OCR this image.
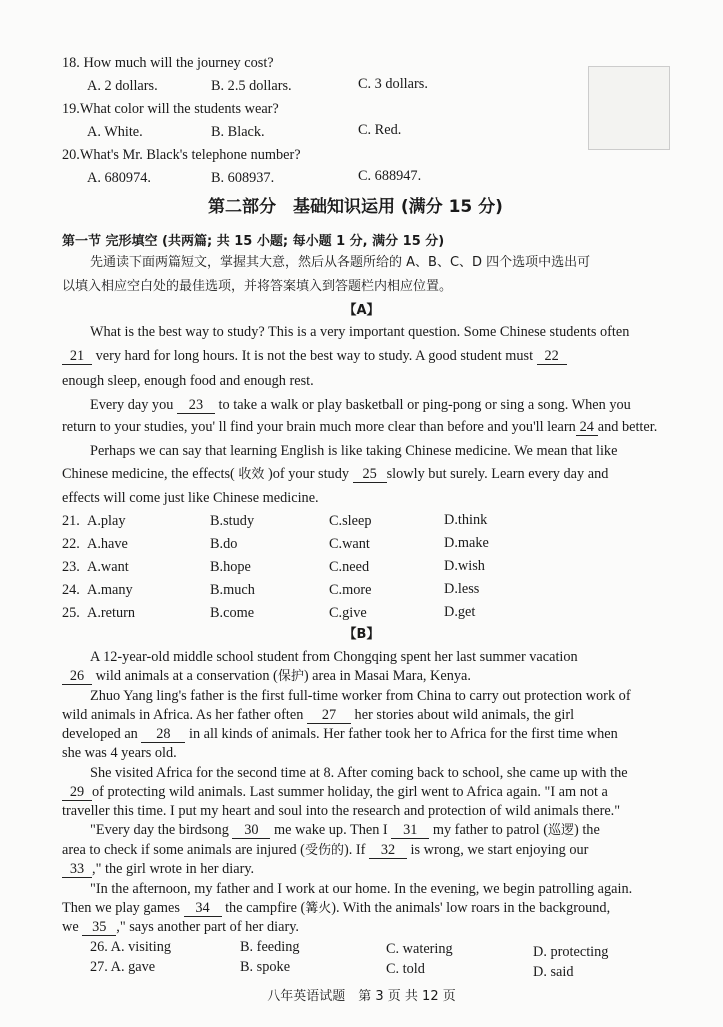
18. How much will the journey cost?
A. 2 dollars.	B. 2.5 dollars.	C. 3 dollars.
19.What color will the students wear?
A. White.	B. Black.	C. Red.
20.What's Mr. Black's telephone number?
A. 680974.	B. 608937.	C. 688947.
第二部分　基础知识运用 (满分 15 分)
第一节 完形填空 (共两篇; 共 15 小题; 每小题 1 分, 满分 15 分)
先通读下面两篇短文，掌握其大意，然后从各题所给的 A、B、C、D 四个选项中选出可
以填入相应空白处的最佳选项，并将答案填入到答题栏内相应位置。
【A】
What is the best way to study? This is a very important question. Some Chinese students often
21 very hard for long hours. It is not the best way to study. A good student must 22
enough sleep, enough food and enough rest.
Every day you 23 to take a walk or play basketball or ping-pong or sing a song. When you
return to your studies, you' ll find your brain much more clear than before and you'll learn 24 and better.
Perhaps we can say that learning English is like taking Chinese medicine. We mean that like
Chinese medicine, the effects( 收效 )of your study 25 slowly but surely. Learn every day and
effects will come just like Chinese medicine.
21. A.play	B.study	C.sleep	D.think
22. A.have	B.do	C.want	D.make
23. A.want	B.hope	C.need	D.wish
24. A.many	B.much	C.more	D.less
25. A.return	B.come	C.give	D.get
【B】
A 12-year-old middle school student from Chongqing spent her last summer vacation
26 wild animals at a conservation (保护) area in Masai Mara, Kenya.
Zhuo Yang ling's father is the first full-time worker from China to carry out protection work of
wild animals in Africa. As her father often 27 her stories about wild animals, the girl
developed an 28 in all kinds of animals. Her father took her to Africa for the first time when
she was 4 years old.
She visited Africa for the second time at 8. After coming back to school, she came up with the
29 of protecting wild animals. Last summer holiday, the girl went to Africa again. "I am not a
traveller this time. I put my heart and soul into the research and protection of wild animals there."
"Every day the birdsong 30 me wake up. Then I 31 my father to patrol (巡逻) the
area to check if some animals are injured (受伤的). If 32 is wrong, we start enjoying our
33 ," the girl wrote in her diary.
"In the afternoon, my father and I work at our home. In the evening, we begin patrolling again.
Then we play games 34 the campfire (篝火). With the animals' low roars in the background,
we 35 ," says another part of her diary.
26. A. visiting	B. feeding	C. watering	D. protecting
27. A. gave	B. spoke	C. told	D. said
八年英语试题　第 3 页 共 12 页
